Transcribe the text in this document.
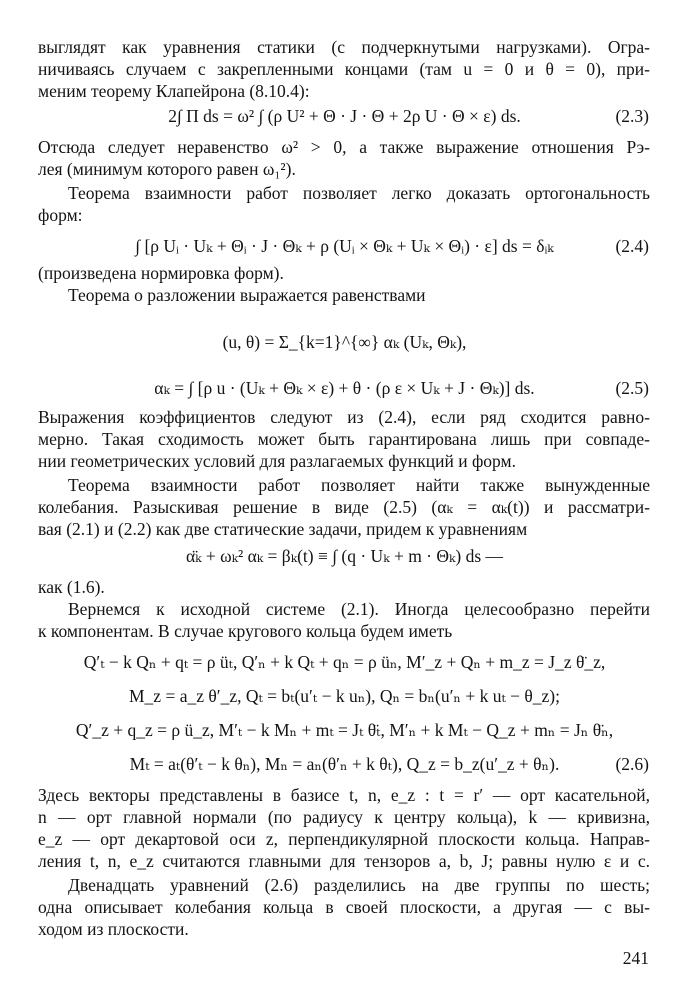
выглядят как уравнения статики (с подчеркнутыми нагрузками). Огра-
ничиваясь случаем с закрепленными концами (там u = 0 и θ = 0), при-
меним теорему Клапейрона (8.10.4):
2∫ Π ds = ω² ∫ (ρ U² + Θ · J · Θ + 2ρ U · Θ × ε) ds.	(2.3)
Отсюда следует неравенство ω² > 0, а также выражение отношения Рэ-
лея (минимум которого равен ω₁²).
Теорема взаимности работ позволяет легко доказать ортогональность
форм:
∫ [ρ Uᵢ · Uₖ + Θᵢ · J · Θₖ + ρ (Uᵢ × Θₖ + Uₖ × Θᵢ) · ε] ds = δᵢₖ	(2.4)
(произведена нормировка форм).
Теорема о разложении выражается равенствами
(u, θ) = Σ_{k=1}^{∞} αₖ (Uₖ, Θₖ),
αₖ = ∫ [ρ u · (Uₖ + Θₖ × ε) + θ · (ρ ε × Uₖ + J · Θₖ)] ds.	(2.5)
Выражения коэффициентов следуют из (2.4), если ряд сходится равно-
мерно. Такая сходимость может быть гарантирована лишь при совпаде-
нии геометрических условий для разлагаемых функций и форм.
Теорема взаимности работ позволяет найти также вынужденные
колебания. Разыскивая решение в виде (2.5) (αₖ = αₖ(t)) и рассматри-
вая (2.1) и (2.2) как две статические задачи, придем к уравнениям
α̈ₖ + ωₖ² αₖ = βₖ(t) ≡ ∫ (q · Uₖ + m · Θₖ) ds —
как (1.6).
Вернемся к исходной системе (2.1). Иногда целесообразно перейти
к компонентам. В случае кругового кольца будем иметь
Q′ₜ − k Qₙ + qₜ = ρ üₜ, Q′ₙ + k Qₜ + qₙ = ρ üₙ, M′_z + Qₙ + m_z = J_z θ̈_z,
M_z = a_z θ′_z, Qₜ = bₜ(u′ₜ − k uₙ), Qₙ = bₙ(u′ₙ + k uₜ − θ_z);
Q′_z + q_z = ρ ü_z, M′ₜ − k Mₙ + mₜ = Jₜ θ̈ₜ, M′ₙ + k Mₜ − Q_z + mₙ = Jₙ θ̈ₙ,
Mₜ = aₜ(θ′ₜ − k θₙ), Mₙ = aₙ(θ′ₙ + k θₜ), Q_z = b_z(u′_z + θₙ).	(2.6)
Здесь векторы представлены в базисе t, n, e_z : t = r′ — орт касательной,
n — орт главной нормали (по радиусу к центру кольца), k — кривизна,
e_z — орт декартовой оси z, перпендикулярной плоскости кольца. Направ-
ления t, n, e_z считаются главными для тензоров a, b, J; равны нулю ε и c.
Двенадцать уравнений (2.6) разделились на две группы по шесть;
одна описывает колебания кольца в своей плоскости, а другая — с вы-
ходом из плоскости.
241
